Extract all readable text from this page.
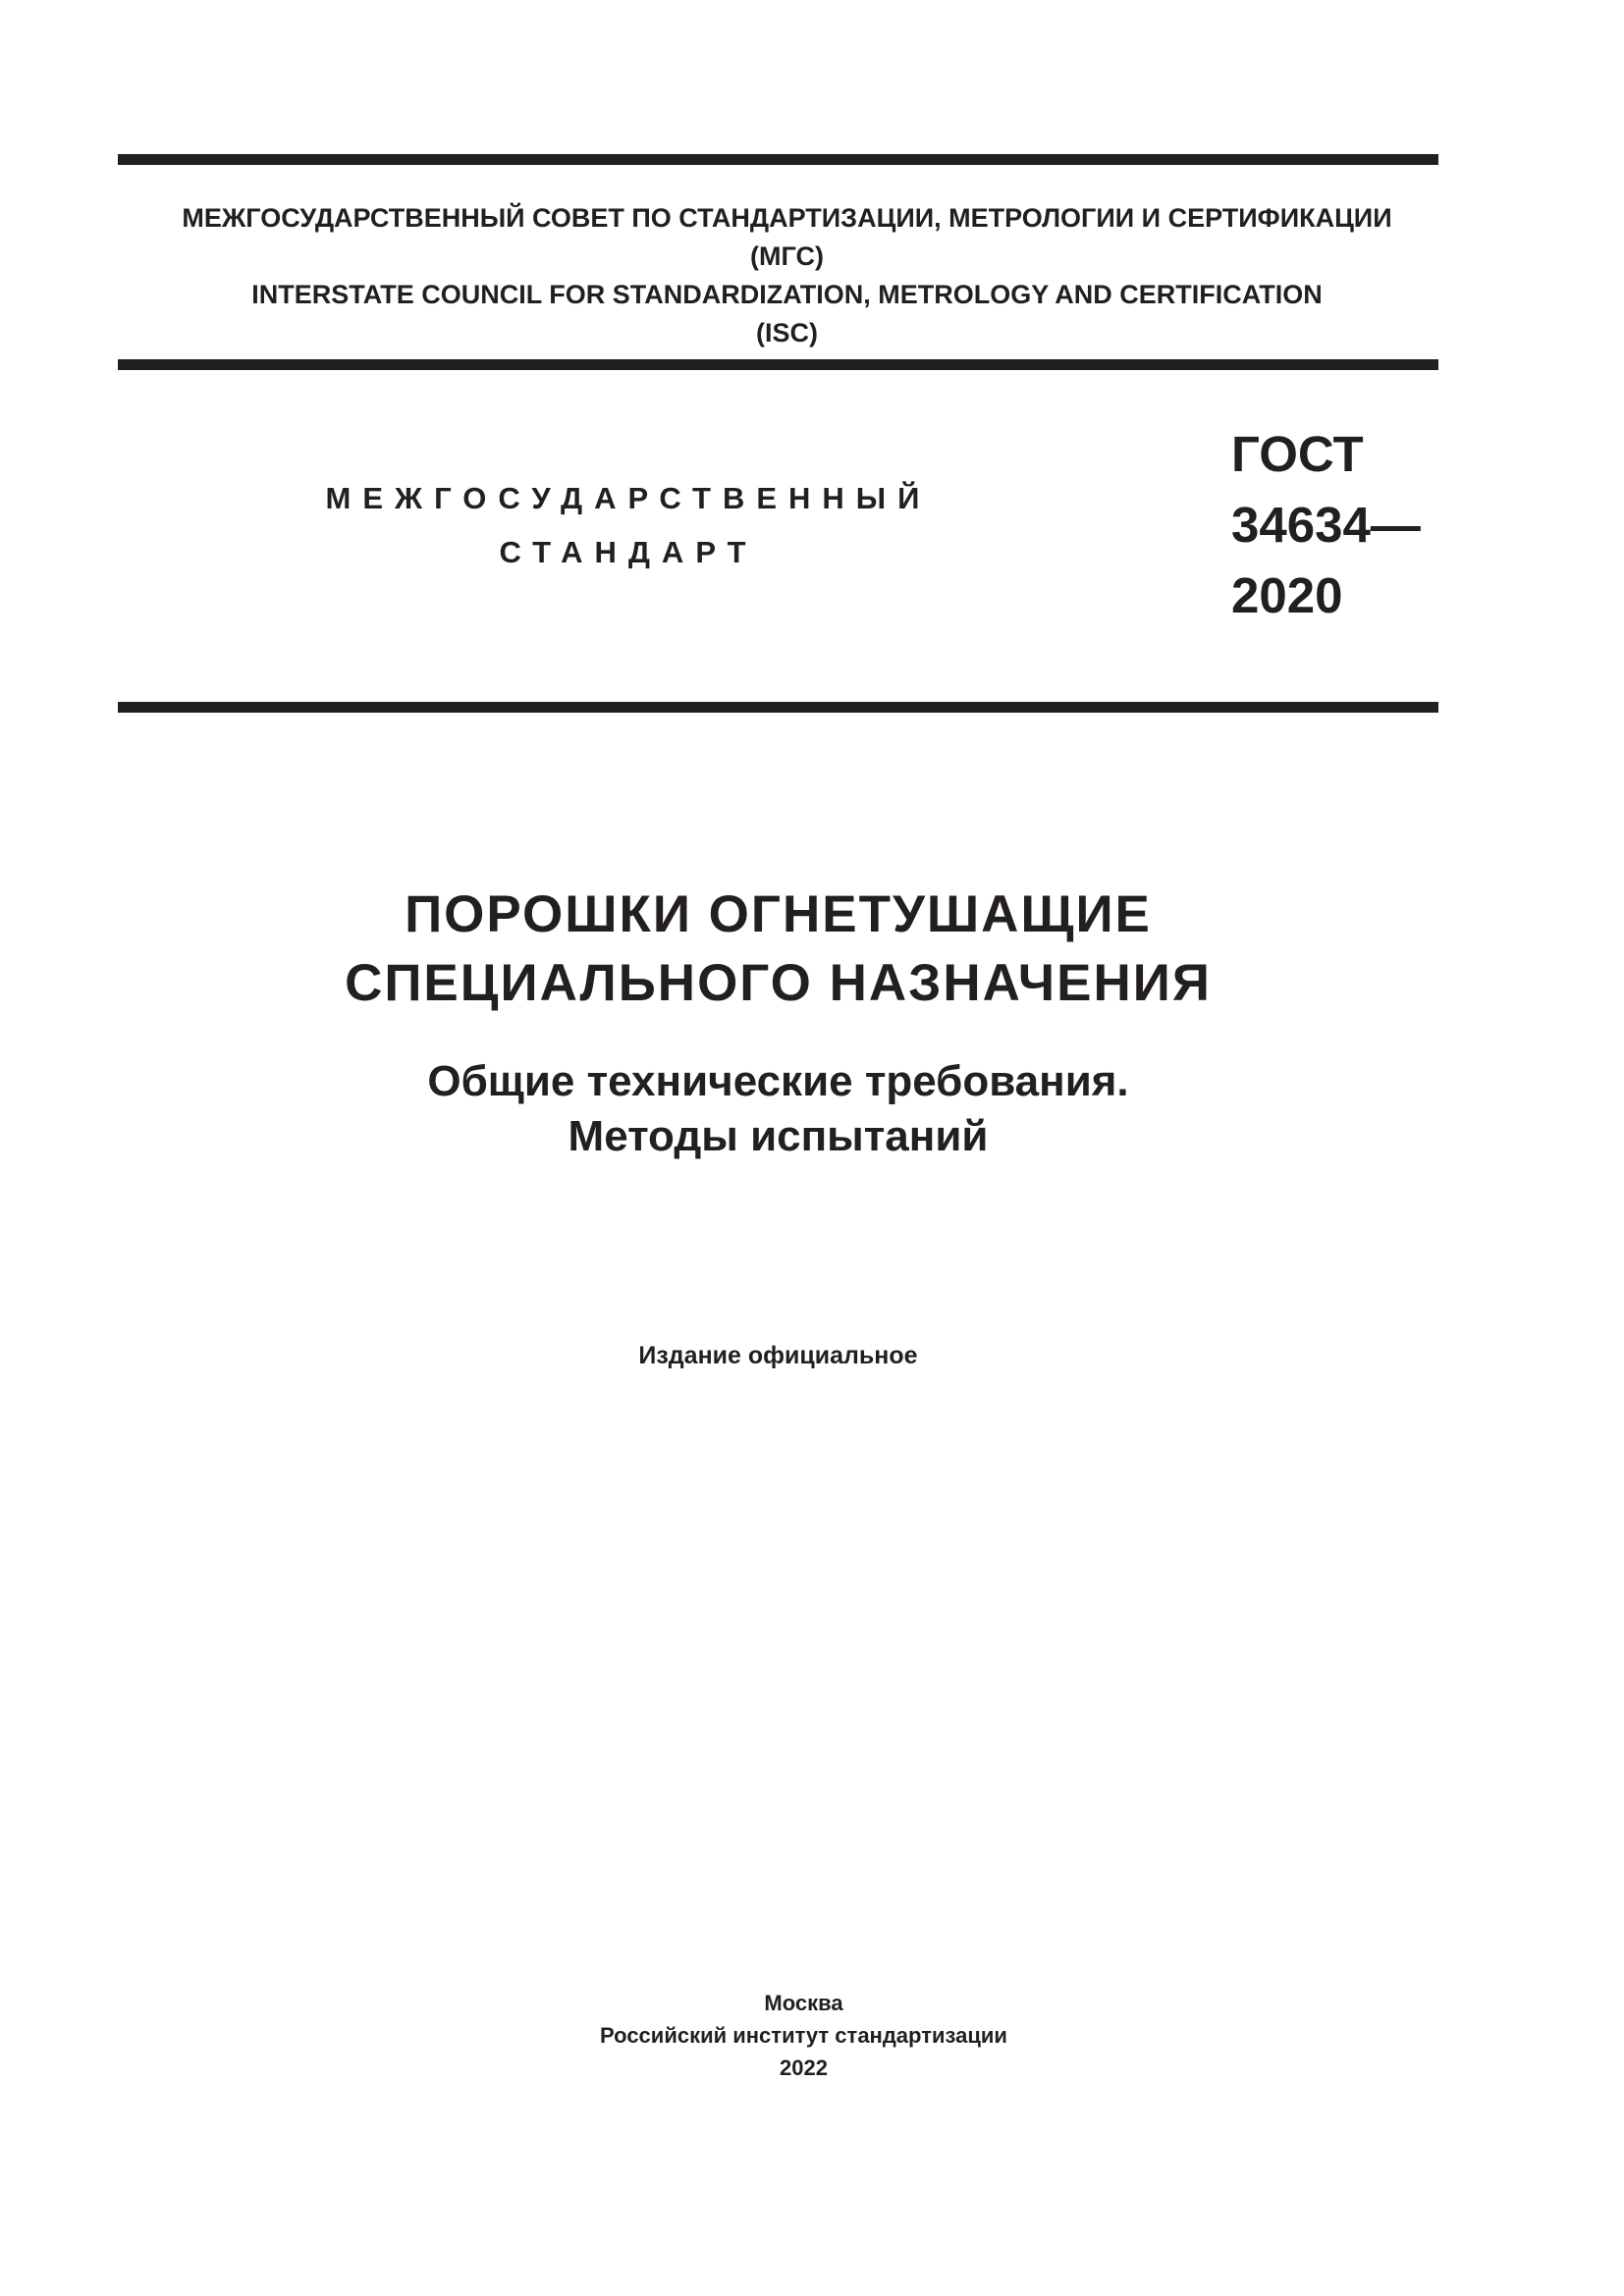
МЕЖГОСУДАРСТВЕННЫЙ СОВЕТ ПО СТАНДАРТИЗАЦИИ, МЕТРОЛОГИИ И СЕРТИФИКАЦИИ
(МГС)
INTERSTATE COUNCIL FOR STANDARDIZATION, METROLOGY AND CERTIFICATION
(ISC)
МЕЖГОСУДАРСТВЕННЫЙ
СТАНДАРТ
ГОСТ
34634—
2020
ПОРОШКИ ОГНЕТУШАЩИЕ
СПЕЦИАЛЬНОГО НАЗНАЧЕНИЯ
Общие технические требования.
Методы испытаний
Издание официальное
Москва
Российский институт стандартизации
2022
